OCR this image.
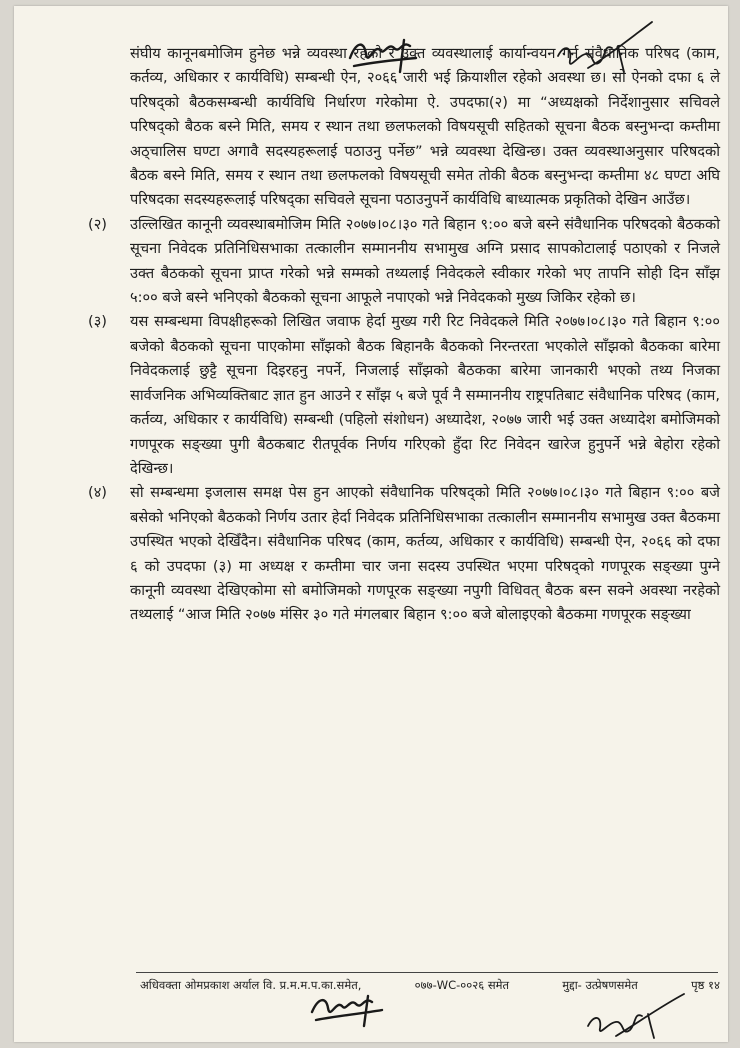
संघीय कानूनबमोजिम हुनेछ भन्ने व्यवस्था रहेको र उक्त व्यवस्थालाई कार्यान्वयन गर्न संवैधानिक परिषद (काम, कर्तव्य, अधिकार र कार्यविधि) सम्बन्धी ऐन, २०६६ जारी भई क्रियाशील रहेको अवस्था छ। सो ऐनको दफा ६ ले परिषद्को बैठकसम्बन्धी कार्यविधि निर्धारण गरेकोमा ऐ. उपदफा(२) मा “अध्यक्षको निर्देशानुसार सचिवले परिषद्को बैठक बस्ने मिति, समय र स्थान तथा छलफलको विषयसूची सहितको सूचना बैठक बस्नुभन्दा कम्तीमा अठ्चालिस घण्टा अगावै सदस्यहरूलाई पठाउनु पर्नेछ” भन्ने व्यवस्था देखिन्छ। उक्त व्यवस्थाअनुसार परिषदको बैठक बस्ने मिति, समय र स्थान तथा छलफलको विषयसूची समेत तोकी बैठक बस्नुभन्दा कम्तीमा ४८ घण्टा अघि परिषदका सदस्यहरूलाई परिषद्का सचिवले सूचना पठाउनुपर्ने कार्यविधि बाध्यात्मक प्रकृतिको देखिन आउँछ।

(२)	उल्लिखित कानूनी व्यवस्थाबमोजिम मिति २०७७।०८।३० गते बिहान ९:०० बजे बस्ने संवैधानिक परिषदको बैठकको सूचना निवेदक प्रतिनिधिसभाका तत्कालीन सम्माननीय सभामुख अग्नि प्रसाद सापकोटालाई पठाएको र निजले उक्त बैठकको सूचना प्राप्त गरेको भन्ने सम्मको तथ्यलाई निवेदकले स्वीकार गरेको भए तापनि सोही दिन साँझ ५:०० बजे बस्ने भनिएको बैठकको सूचना आफूले नपाएको भन्ने निवेदकको मुख्य जिकिर रहेको छ।

(३)	यस सम्बन्धमा विपक्षीहरूको लिखित जवाफ हेर्दा मुख्य गरी रिट निवेदकले मिति २०७७।०८।३० गते बिहान ९:०० बजेको बैठकको सूचना पाएकोमा साँझको बैठक बिहानकै बैठकको निरन्तरता भएकोले साँझको बैठकका बारेमा निवेदकलाई छुट्टै सूचना दिइरहनु नपर्ने, निजलाई साँझको बैठकका बारेमा जानकारी भएको तथ्य निजका सार्वजनिक अभिव्यक्तिबाट ज्ञात हुन आउने र साँझ ५ बजे पूर्व नै सम्माननीय राष्ट्रपतिबाट संवैधानिक परिषद (काम, कर्तव्य, अधिकार र कार्यविधि) सम्बन्धी (पहिलो संशोधन) अध्यादेश, २०७७ जारी भई उक्त अध्यादेश बमोजिमको गणपूरक सङ्ख्या पुगी बैठकबाट रीतपूर्वक निर्णय गरिएको हुँदा रिट निवेदन खारेज हुनुपर्ने भन्ने बेहोरा रहेको देखिन्छ।

(४)	सो सम्बन्धमा इजलास समक्ष पेस हुन आएको संवैधानिक परिषद्को मिति २०७७।०८।३० गते बिहान ९:०० बजे बसेको भनिएको बैठकको निर्णय उतार हेर्दा निवेदक प्रतिनिधिसभाका तत्कालीन सम्माननीय सभामुख उक्त बैठकमा उपस्थित भएको देखिँदैन। संवैधानिक परिषद (काम, कर्तव्य, अधिकार र कार्यविधि) सम्बन्धी ऐन, २०६६ को दफा ६ को उपदफा (३) मा अध्यक्ष र कम्तीमा चार जना सदस्य उपस्थित भएमा परिषद्को गणपूरक सङ्ख्या पुग्ने कानूनी व्यवस्था देखिएकोमा सो बमोजिमको गणपूरक सङ्ख्या नपुगी विधिवत् बैठक बस्न सक्ने अवस्था नरहेको तथ्यलाई “आज मिति २०७७ मंसिर ३० गते मंगलबार बिहान ९:०० बजे बोलाइएको बैठकमा गणपूरक सङ्ख्या

अधिवक्ता ओमप्रकाश अर्याल वि. प्र.म.म.प.का.समेत,	०७७-WC-००२६ समेत	मुद्दा- उत्प्रेषणसमेत	पृष्ठ १४
